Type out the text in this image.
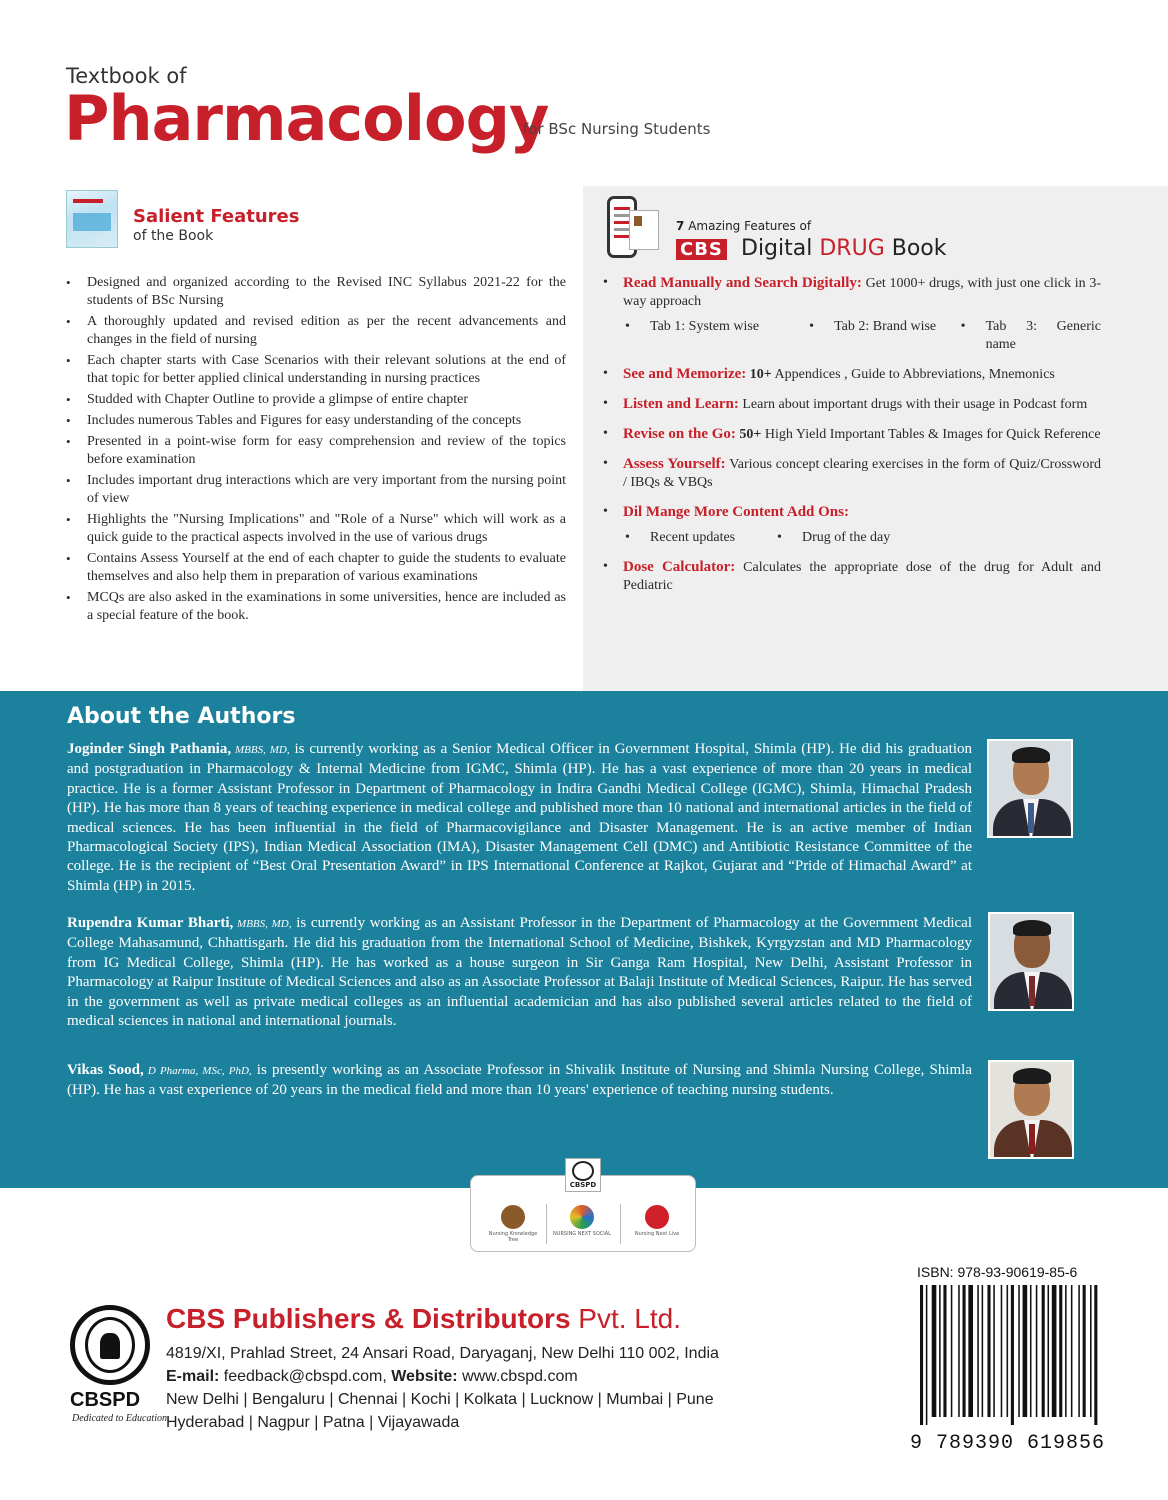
Textbook of
Pharmacology
for BSc Nursing Students
Salient Features
of the Book
• Designed and organized according to the Revised INC Syllabus 2021-22 for the students of BSc Nursing
• A thoroughly updated and revised edition as per the recent advancements and changes in the field of nursing
• Each chapter starts with Case Scenarios with their relevant solutions at the end of that topic for better applied clinical understanding in nursing practices
• Studded with Chapter Outline to provide a glimpse of entire chapter
• Includes numerous Tables and Figures for easy understanding of the concepts
• Presented in a point-wise form for easy comprehension and review of the topics before examination
• Includes important drug interactions which are very important from the nursing point of view
• Highlights the "Nursing Implications" and "Role of a Nurse" which will work as a quick guide to the practical aspects involved in the use of various drugs
• Contains Assess Yourself at the end of each chapter to guide the students to evaluate themselves and also help them in preparation of various examinations
• MCQs are also asked in the examinations in some universities, hence are included as a special feature of the book.
7 Amazing Features of
CBS Digital DRUG Book
• Read Manually and Search Digitally: Get 1000+ drugs, with just one click in 3-way approach
• Tab 1: System wise	• Tab 2: Brand wise	• Tab 3: Generic name
• See and Memorize: 10+ Appendices , Guide to Abbreviations, Mnemonics
• Listen and Learn: Learn about important drugs with their usage in Podcast form
• Revise on the Go: 50+ High Yield Important Tables & Images for Quick Reference
• Assess Yourself: Various concept clearing exercises in the form of Quiz/Crossword / IBQs & VBQs
• Dil Mange More Content Add Ons:
• Recent updates	• Drug of the day
• Dose Calculator: Calculates the appropriate dose of the drug for Adult and Pediatric
About the Authors

Joginder Singh Pathania, MBBS, MD, is currently working as a Senior Medical Officer in Government Hospital, Shimla (HP). He did his graduation and postgraduation in Pharmacology & Internal Medicine from IGMC, Shimla (HP). He has a vast experience of more than 20 years in medical practice. He is a former Assistant Professor in Department of Pharmacology in Indira Gandhi Medical College (IGMC), Shimla, Himachal Pradesh (HP). He has more than 8 years of teaching experience in medical college and published more than 10 national and international articles in the field of medical sciences. He has been influential in the field of Pharmacovigilance and Disaster Management. He is an active member of Indian Pharmacological Society (IPS), Indian Medical Association (IMA), Disaster Management Cell (DMC) and Antibiotic Resistance Committee of the college. He is the recipient of “Best Oral Presentation Award” in IPS International Conference at Rajkot, Gujarat and “Pride of Himachal Award” at Shimla (HP) in 2015.

Rupendra Kumar Bharti, MBBS, MD, is currently working as an Assistant Professor in the Department of Pharmacology at the Government Medical College Mahasamund, Chhattisgarh. He did his graduation from the International School of Medicine, Bishkek, Kyrgyzstan and MD Pharmacology from IG Medical College, Shimla (HP). He has worked as a house surgeon in Sir Ganga Ram Hospital, New Delhi, Assistant Professor in Pharmacology at Raipur Institute of Medical Sciences and also as an Associate Professor at Balaji Institute of Medical Sciences, Raipur. He has served in the government as well as private medical colleges as an influential academician and has also published several articles related to the field of medical sciences in national and international journals.

Vikas Sood, D Pharma, MSc, PhD, is presently working as an Associate Professor in Shivalik Institute of Nursing and Shimla Nursing College, Shimla (HP). He has a vast experience of 20 years in the medical field and more than 10 years' experience of teaching nursing students.

CBSPD
Nursing Knowledge Tree
NURSING NEXT SOCIAL	Nursing Next Live
CBSPD
Dedicated to Education
CBS Publishers & Distributors Pvt. Ltd.
4819/XI, Prahlad Street, 24 Ansari Road, Daryaganj, New Delhi 110 002, India
E-mail: feedback@cbspd.com, Website: www.cbspd.com
New Delhi | Bengaluru | Chennai | Kochi | Kolkata | Lucknow | Mumbai | Pune
Hyderabad | Nagpur | Patna | Vijayawada
ISBN: 978-93-90619-85-6
9 789390 619856
